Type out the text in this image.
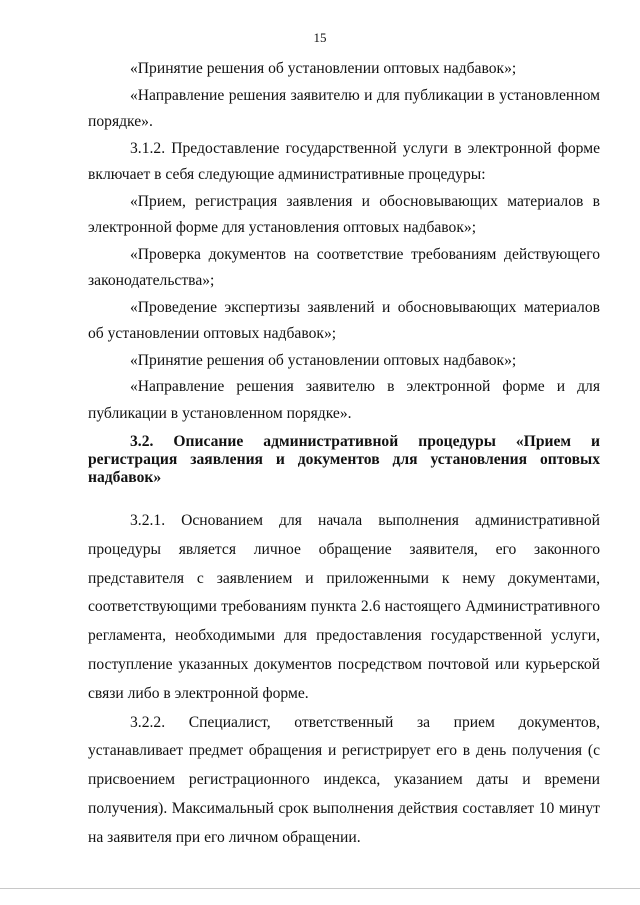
15

«Принятие решения об установлении оптовых надбавок»;

«Направление решения заявителю и для публикации в установленном порядке».

3.1.2. Предоставление государственной услуги в электронной форме включает в себя следующие административные процедуры:

«Прием, регистрация заявления и обосновывающих материалов в электронной форме для установления оптовых надбавок»;

«Проверка документов на соответствие требованиям действующего законодательства»;

«Проведение экспертизы заявлений и обосновывающих материалов об установлении оптовых надбавок»;

«Принятие решения об установлении оптовых надбавок»;

«Направление решения заявителю в электронной форме и для публикации в установленном порядке».

3.2. Описание административной процедуры «Прием и регистрация заявления и документов для установления оптовых надбавок»

3.2.1. Основанием для начала выполнения административной процедуры является личное обращение заявителя, его законного представителя с заявлением и приложенными к нему документами, соответствующими требованиям пункта 2.6 настоящего Административного регламента, необходимыми для предоставления государственной услуги, поступление указанных документов посредством почтовой или курьерской связи либо в электронной форме.

3.2.2. Специалист, ответственный за прием документов, устанавливает предмет обращения и регистрирует его в день получения (с присвоением регистрационного индекса, указанием даты и времени получения). Максимальный срок выполнения действия составляет 10 минут на заявителя при его личном обращении.
